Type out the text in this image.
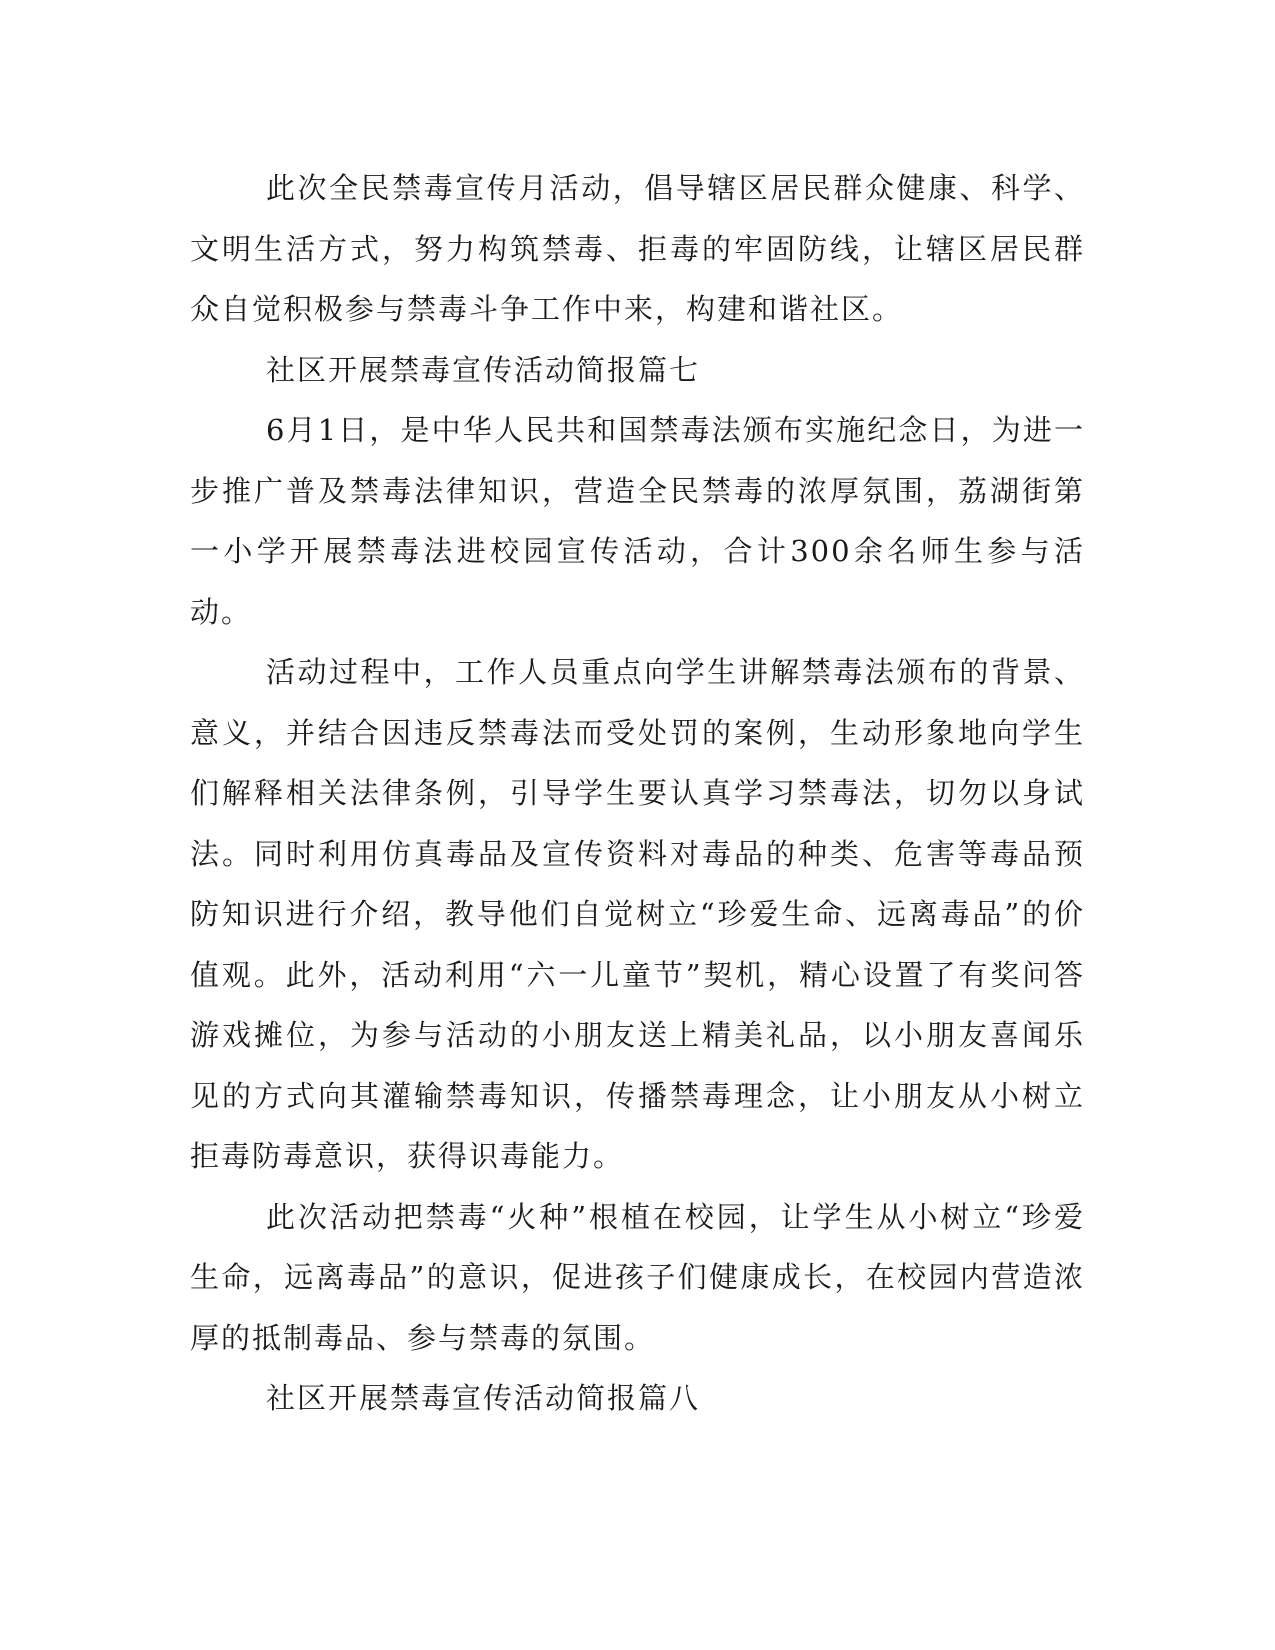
此次全民禁毒宣传月活动，倡导辖区居民群众健康、科学、文明生活方式，努力构筑禁毒、拒毒的牢固防线，让辖区居民群众自觉积极参与禁毒斗争工作中来，构建和谐社区。

社区开展禁毒宣传活动简报篇七

6月1日，是中华人民共和国禁毒法颁布实施纪念日，为进一步推广普及禁毒法律知识，营造全民禁毒的浓厚氛围，荔湖街第一小学开展禁毒法进校园宣传活动，合计300余名师生参与活动。

活动过程中，工作人员重点向学生讲解禁毒法颁布的背景、意义，并结合因违反禁毒法而受处罚的案例，生动形象地向学生们解释相关法律条例，引导学生要认真学习禁毒法，切勿以身试法。同时利用仿真毒品及宣传资料对毒品的种类、危害等毒品预防知识进行介绍，教导他们自觉树立“珍爱生命、远离毒品”的价值观。此外，活动利用“六一儿童节”契机，精心设置了有奖问答游戏摊位，为参与活动的小朋友送上精美礼品，以小朋友喜闻乐见的方式向其灌输禁毒知识，传播禁毒理念，让小朋友从小树立拒毒防毒意识，获得识毒能力。

此次活动把禁毒“火种”根植在校园，让学生从小树立“珍爱生命，远离毒品”的意识，促进孩子们健康成长，在校园内营造浓厚的抵制毒品、参与禁毒的氛围。

社区开展禁毒宣传活动简报篇八
